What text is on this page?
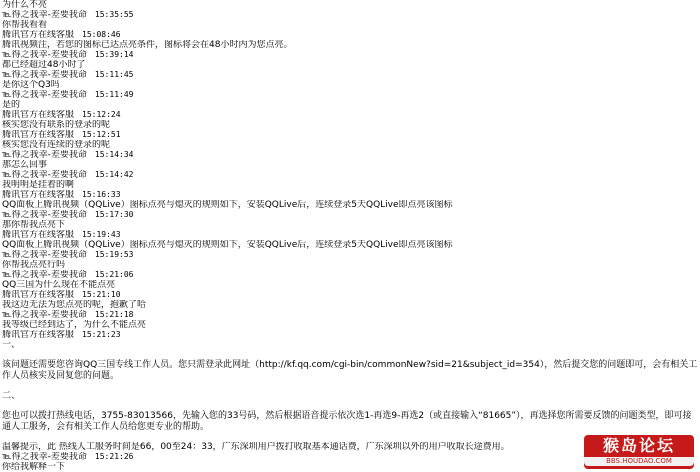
为什么不亮
℡得之我幸-差要我命 15:35:55
你帮我看看
腾讯官方在线客服 15:08:46
腾讯视频注，若您的图标已达点亮条件，图标将会在48小时内为您点亮。
℡得之我幸-差要我命 15:39:14
都已经超过48小时了
℡得之我幸-差要我命 15:11:45
是你这个Q3吗
℡得之我幸-差要我命 15:11:49
是的
腾讯官方在线客服 15:12:24
核实您没有联系的登录的呢
腾讯官方在线客服 15:12:51
核实您没有连续的登录的呢
℡得之我幸-差要我命 15:14:34
那怎么回事
℡得之我幸-差要我命 15:14:42
我明明是挂着的啊
腾讯官方在线客服 15:16:33
QQ面板上腾讯视频（QQLive）图标点亮与熄灭的规则如下，安装QQLive后，连续登录5天QQLive即点亮该图标
℡得之我幸-差要我命 15:17:30
那你帮我点亮下
腾讯官方在线客服 15:19:43
QQ面板上腾讯视频（QQLive）图标点亮与熄灭的规则如下，安装QQLive后，连续登录5天QQLive即点亮该图标
℡得之我幸-差要我命 15:19:53
你帮我点亮行吗
℡得之我幸-差要我命 15:21:06
QQ三国为什么现在不能点亮
腾讯官方在线客服 15:21:10
我这边无法为您点亮的呢，抱歉了哈
℡得之我幸-差要我命 15:21:18
我等级已经到达了，为什么不能点亮
腾讯官方在线客服 15:21:23
一、
该问题还需要您咨询QQ三国专线工作人员。您只需登录此网址（http://kf.qq.com/cgi-bin/commonNew?sid=21&subject_id=354），然后提交您的问题即可，会有相关工作人员核实及回复您的问题。
二、
您也可以拨打热线电话，3755-83013566，先输入您的33号码，然后根据语音提示依次选1-再选9-再选2（或直接输入“81665”），再选择您所需要反馈的问题类型，即可接通人工服务，会有相关工作人员给您更专业的帮助。
温馨提示，此 热线人工服务时间是66，00至24：33，广东深圳用户拨打收取基本通话费，广东深圳以外的用户收取长途费用。
℡得之我幸-差要我命 15:21:26
你给我解释一下
猴岛论坛
BBS.HOUDAO.COM
